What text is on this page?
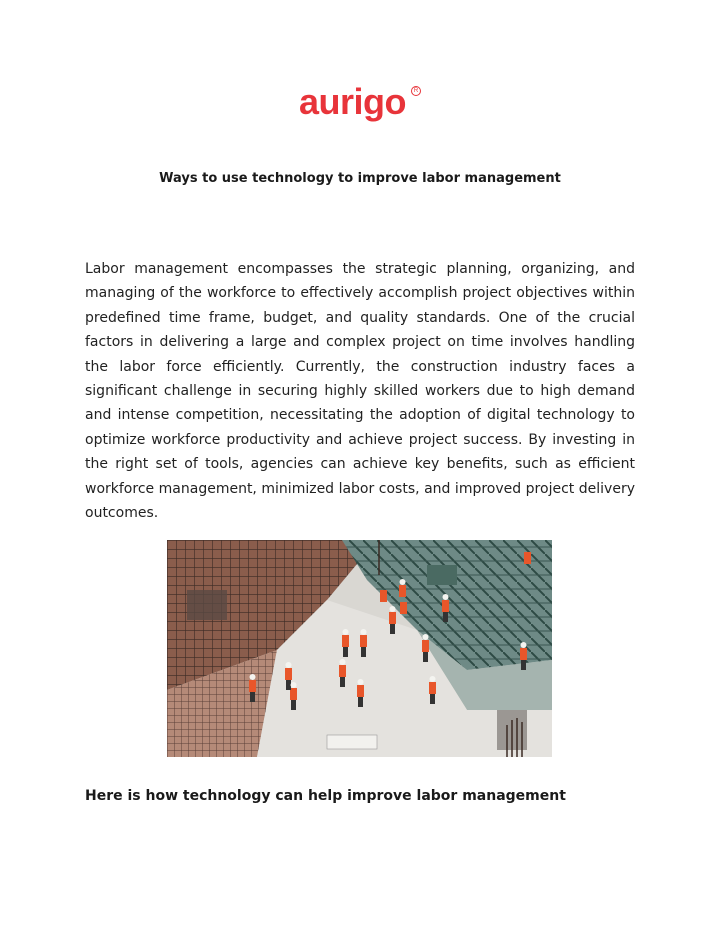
aurigo	R
Ways to use technology to improve labor management

Labor management encompasses the strategic planning, organizing, and managing of the workforce to effectively accomplish project objectives within predefined time frame, budget, and quality standards. One of the crucial factors in delivering a large and complex project on time involves handling the labor force efficiently. Currently, the construction industry faces a significant challenge in securing highly skilled workers due to high demand and intense competition, necessitating the adoption of digital technology to optimize workforce productivity and achieve project success. By investing in the right set of tools, agencies can achieve key benefits, such as efficient workforce management, minimized labor costs, and improved project delivery outcomes.

Here is how technology can help improve labor management
